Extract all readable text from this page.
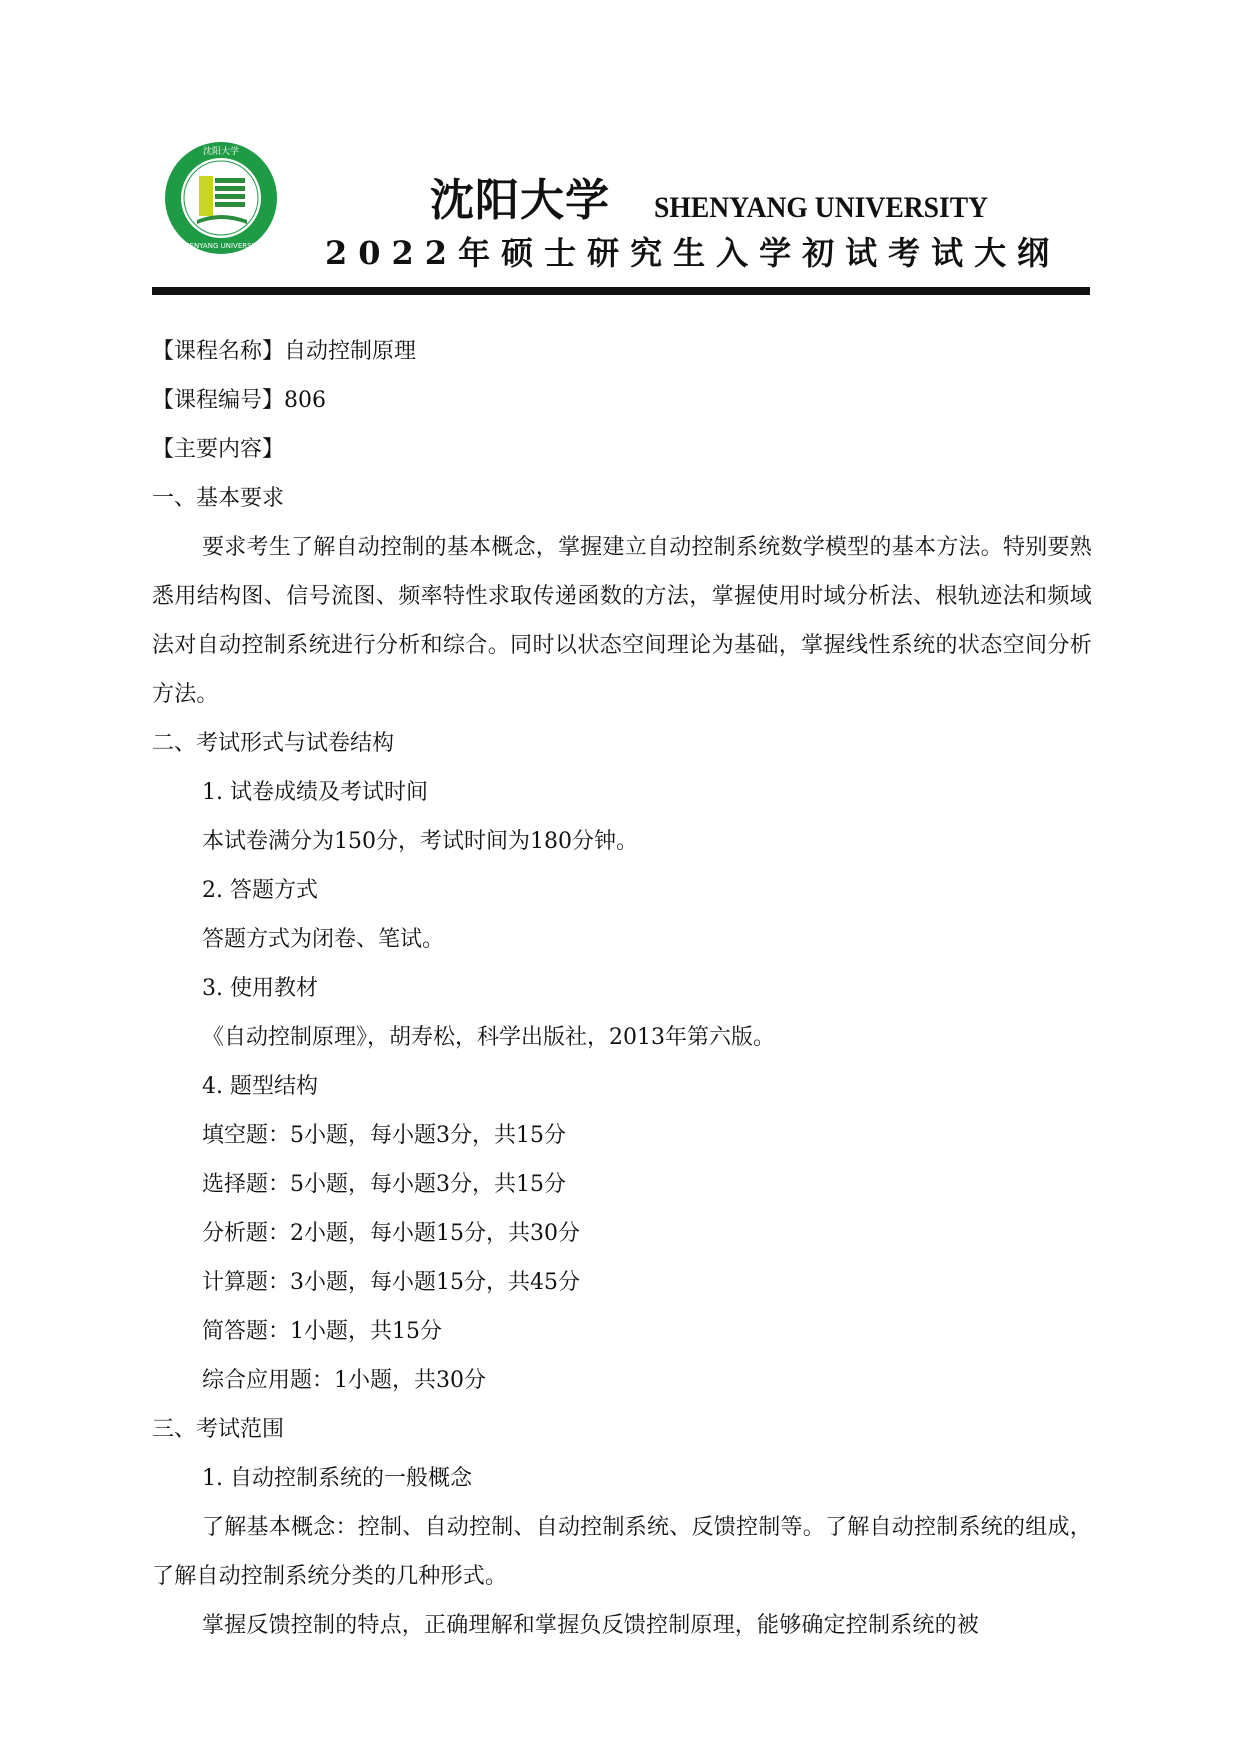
沈阳大学
SHENYANG UNIVERSITY
沈阳大学 SHENYANG UNIVERSITY
2022年硕士研究生入学初试考试大纲
【课程名称】自动控制原理
【课程编号】806
【主要内容】
一、基本要求
要求考生了解自动控制的基本概念，掌握建立自动控制系统数学模型的基本方法。特别要熟悉用结构图、信号流图、频率特性求取传递函数的方法，掌握使用时域分析法、根轨迹法和频域法对自动控制系统进行分析和综合。同时以状态空间理论为基础，掌握线性系统的状态空间分析方法。
二、考试形式与试卷结构
1. 试卷成绩及考试时间
本试卷满分为150分，考试时间为180分钟。
2. 答题方式
答题方式为闭卷、笔试。
3. 使用教材
《自动控制原理》，胡寿松，科学出版社，2013年第六版。
4. 题型结构
填空题：5小题，每小题3分，共15分
选择题：5小题，每小题3分，共15分
分析题：2小题，每小题15分，共30分
计算题：3小题，每小题15分，共45分
简答题：1小题，共15分
综合应用题：1小题，共30分
三、考试范围
1. 自动控制系统的一般概念
了解基本概念：控制、自动控制、自动控制系统、反馈控制等。了解自动控制系统的组成，了解自动控制系统分类的几种形式。
掌握反馈控制的特点，正确理解和掌握负反馈控制原理，能够确定控制系统的被
